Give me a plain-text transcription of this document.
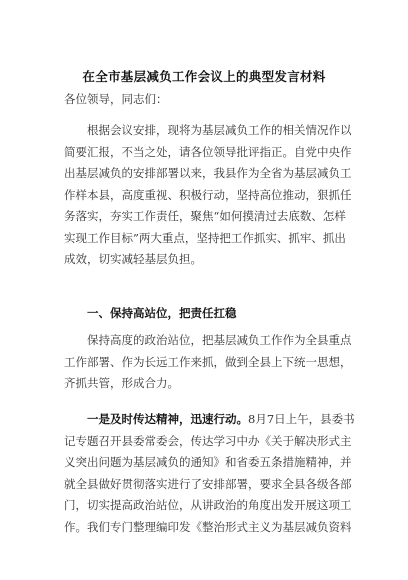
在全市基层减负工作会议上的典型发言材料
各位领导，同志们：
根据会议安排，现将为基层减负工作的相关情况作以简要汇报，不当之处，请各位领导批评指正。自党中央作出基层减负的安排部署以来，我县作为全省为基层减负工作样本县，高度重视、积极行动，坚持高位推动，狠抓任务落实，夯实工作责任，聚焦“如何摸清过去底数、怎样实现工作目标”两大重点，坚持把工作抓实、抓牢、抓出成效，切实减轻基层负担。
一、保持高站位，把责任扛稳
保持高度的政治站位，把基层减负工作作为全县重点工作部署、作为长远工作来抓，做到全县上下统一思想，齐抓共管，形成合力。
一是及时传达精神，迅速行动。8月7日上午，县委书记专题召开县委常委会，传达学习中办《关于解决形式主义突出问题为基层减负的通知》和省委五条措施精神，并就全县做好贯彻落实进行了安排部署，要求全县各级各部门，切实提高政治站位，从讲政治的角度出发开展这项工作。我们专门整理编印发《整治形式主义为基层减负资料
